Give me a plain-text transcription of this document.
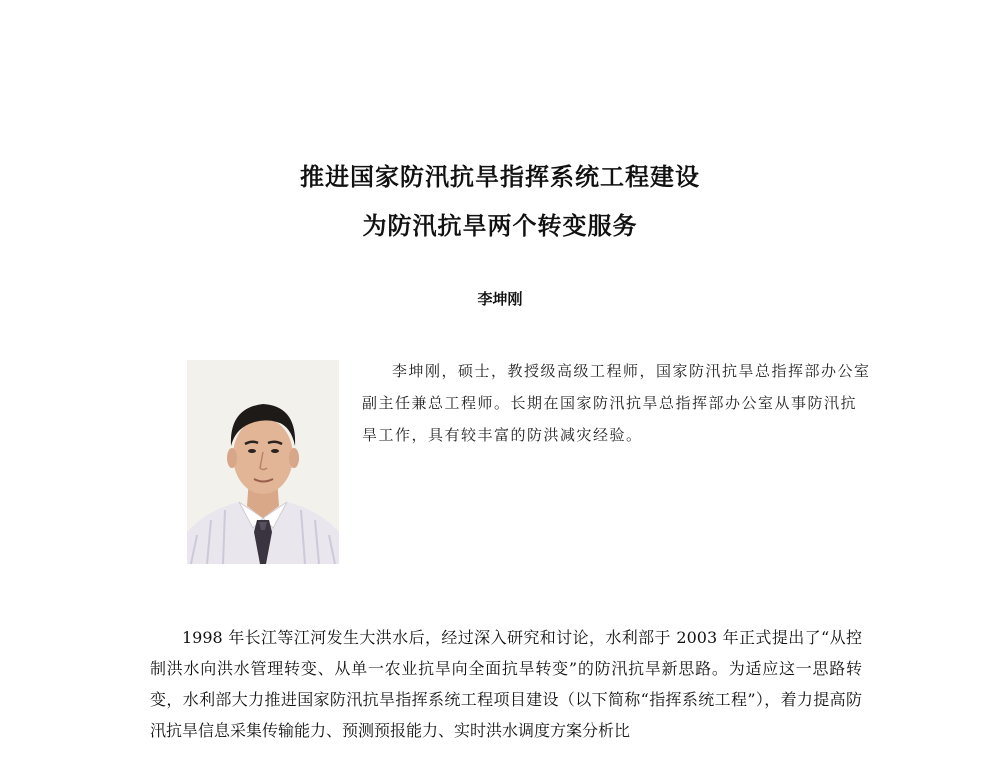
推进国家防汛抗旱指挥系统工程建设
为防汛抗旱两个转变服务
李坤刚

李坤刚，硕士，教授级高级工程师，国家防汛抗旱总指挥部办公室副主任兼总工程师。长期在国家防汛抗旱总指挥部办公室从事防汛抗旱工作，具有较丰富的防洪减灾经验。

1998 年长江等江河发生大洪水后，经过深入研究和讨论，水利部于 2003 年正式提出了“从控制洪水向洪水管理转变、从单一农业抗旱向全面抗旱转变”的防汛抗旱新思路。为适应这一思路转变，水利部大力推进国家防汛抗旱指挥系统工程项目建设（以下简称“指挥系统工程”），着力提高防汛抗旱信息采集传输能力、预测预报能力、实时洪水调度方案分析比
